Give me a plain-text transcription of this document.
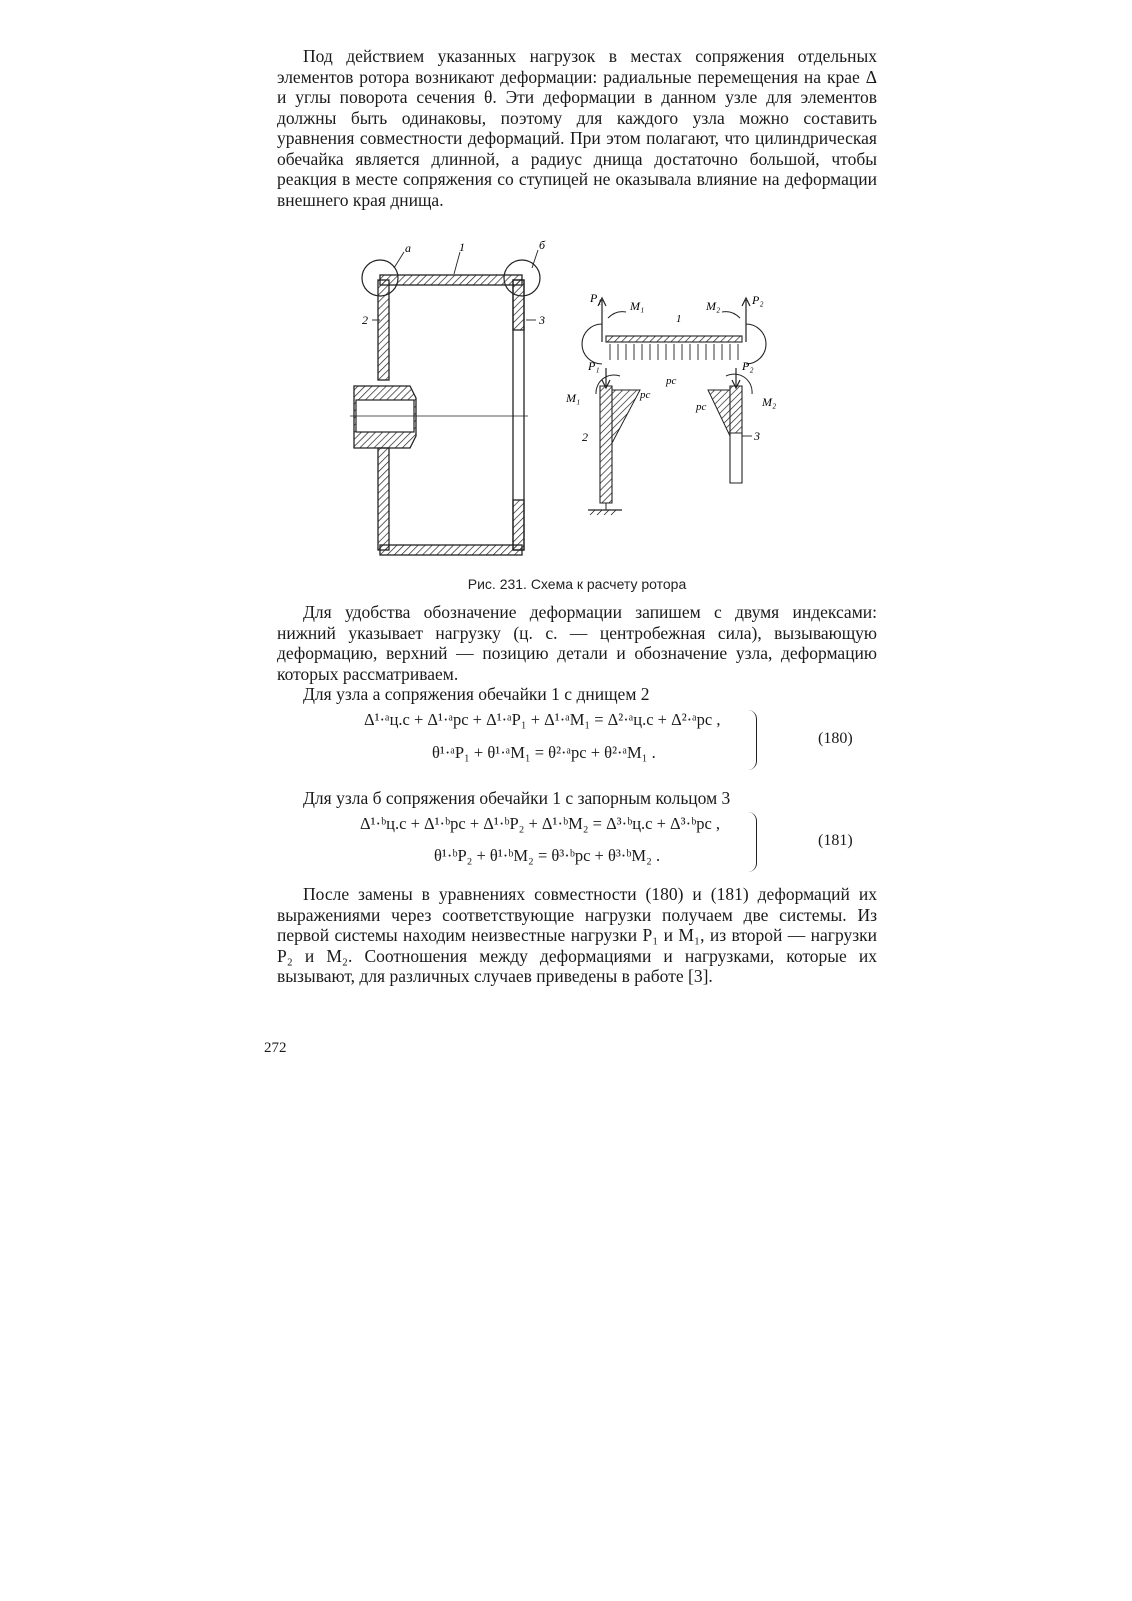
Под действием указанных нагрузок в местах сопряжения отдельных элементов ротора возникают деформации: радиальные перемещения на крае Δ и углы поворота сечения θ. Эти деформации в данном узле для элементов должны быть одинаковы, поэтому для каждого узла можно составить уравнения совместности деформаций. При этом полагают, что цилиндрическая обечайка является длинной, а радиус днища достаточно большой, чтобы реакция в месте сопряжения со ступицей не оказывала влияние на деформации внешнего края днища.

а	1	б
2	3
P₁
M₁
1
M₂	P₂
pc
P₁
M₁	pc
2
P₂
M₂
pc
3
Рис. 231. Схема к расчету ротора

Для удобства обозначение деформации запишем с двумя индексами: нижний указывает нагрузку (ц. с. — центробежная сила), вызывающую деформацию, верхний — позицию детали и обозначение узла, деформацию которых рассматриваем.

Для узла а сопряжения обечайки 1 с днищем 2

Δ¹·ᵃц.с + Δ¹·ᵃpc + Δ¹·ᵃP₁ + Δ¹·ᵃM₁ = Δ²·ᵃц.с + Δ²·ᵃpc ,
θ¹·ᵃP₁ + θ¹·ᵃM₁ = θ²·ᵃpc + θ²·ᵃM₁ .
(180)

Для узла б сопряжения обечайки 1 с запорным кольцом 3

Δ¹·ᵇц.с + Δ¹·ᵇpc + Δ¹·ᵇP₂ + Δ¹·ᵇM₂ = Δ³·ᵇц.с + Δ³·ᵇpc ,
θ¹·ᵇP₂ + θ¹·ᵇM₂ = θ³·ᵇpc + θ³·ᵇM₂ .
(181)

После замены в уравнениях совместности (180) и (181) деформаций их выражениями через соответствующие нагрузки получаем две системы. Из первой системы находим неизвестные нагрузки P₁ и M₁, из второй — нагрузки P₂ и M₂. Соотношения между деформациями и нагрузками, которые их вызывают, для различных случаев приведены в работе [3].

272
